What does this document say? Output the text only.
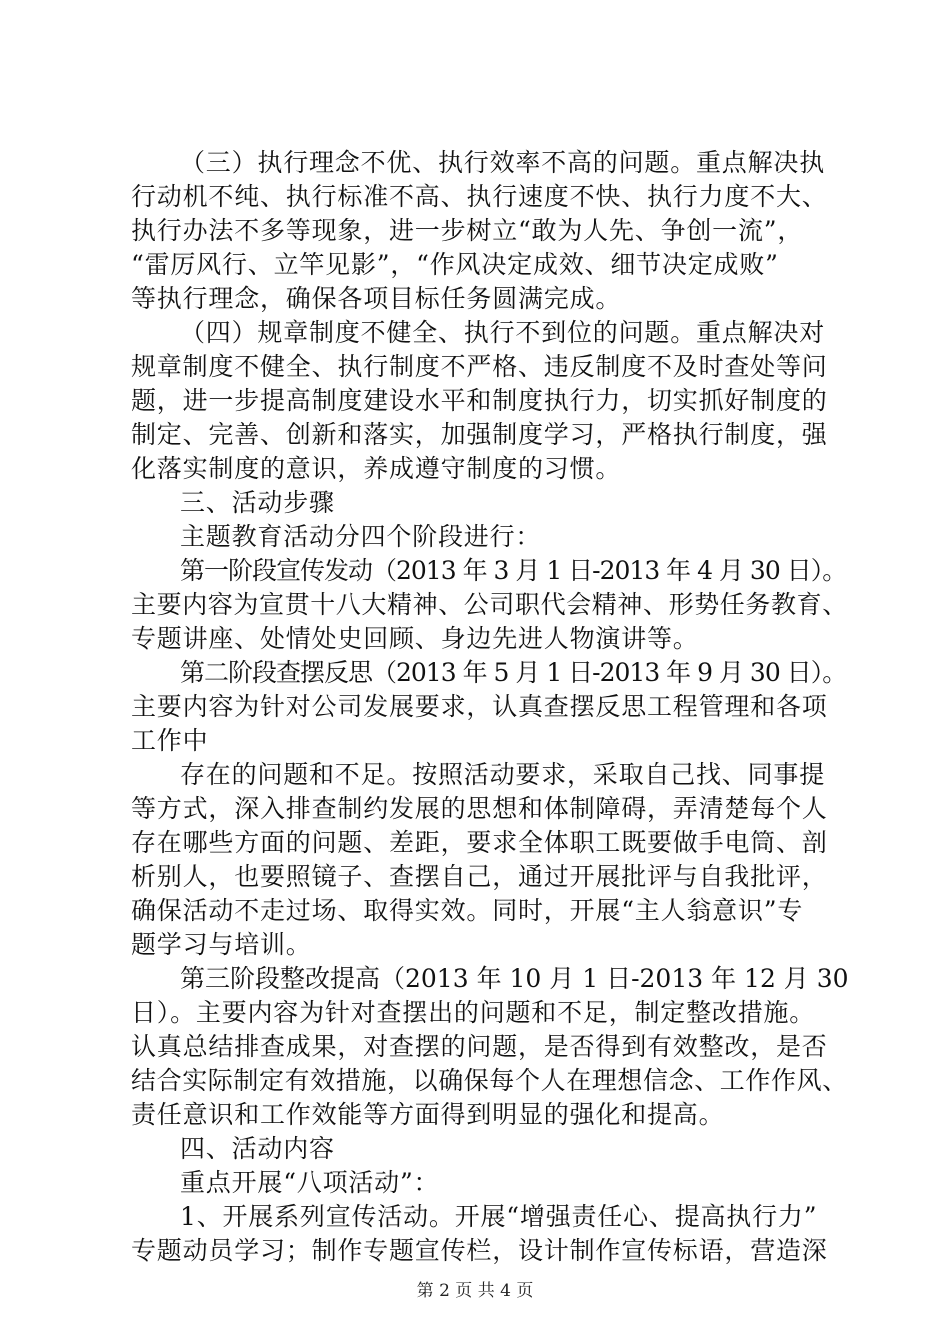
（三）执行理念不优、执行效率不高的问题。重点解决执
行动机不纯、执行标准不高、执行速度不快、执行力度不大、
执行办法不多等现象，进一步树立“敢为人先、争创一流”，
“雷厉风行、立竿见影”，“作风决定成效、细节决定成败”
等执行理念，确保各项目标任务圆满完成。
（四）规章制度不健全、执行不到位的问题。重点解决对
规章制度不健全、执行制度不严格、违反制度不及时查处等问
题，进一步提高制度建设水平和制度执行力，切实抓好制度的
制定、完善、创新和落实，加强制度学习，严格执行制度，强
化落实制度的意识，养成遵守制度的习惯。
三、活动步骤
主题教育活动分四个阶段进行：
第一阶段宣传发动（2013 年 3 月 1 日-2013 年 4 月 30 日）。
主要内容为宣贯十八大精神、公司职代会精神、形势任务教育、
专题讲座、处情处史回顾、身边先进人物演讲等。
第二阶段查摆反思（2013 年 5 月 1 日-2013 年 9 月 30 日）。
主要内容为针对公司发展要求，认真查摆反思工程管理和各项
工作中
存在的问题和不足。按照活动要求，采取自己找、同事提
等方式，深入排查制约发展的思想和体制障碍，弄清楚每个人
存在哪些方面的问题、差距，要求全体职工既要做手电筒、剖
析别人，也要照镜子、查摆自己，通过开展批评与自我批评，
确保活动不走过场、取得实效。同时，开展“主人翁意识”专
题学习与培训。
第三阶段整改提高（2013 年 10 月 1 日-2013 年 12 月 30
日）。主要内容为针对查摆出的问题和不足，制定整改措施。
认真总结排查成果，对查摆的问题，是否得到有效整改，是否
结合实际制定有效措施，以确保每个人在理想信念、工作作风、
责任意识和工作效能等方面得到明显的强化和提高。
四、活动内容
重点开展“八项活动”：
1、开展系列宣传活动。开展“增强责任心、提高执行力”
专题动员学习；制作专题宣传栏，设计制作宣传标语，营造深
第 2 页 共 4 页
